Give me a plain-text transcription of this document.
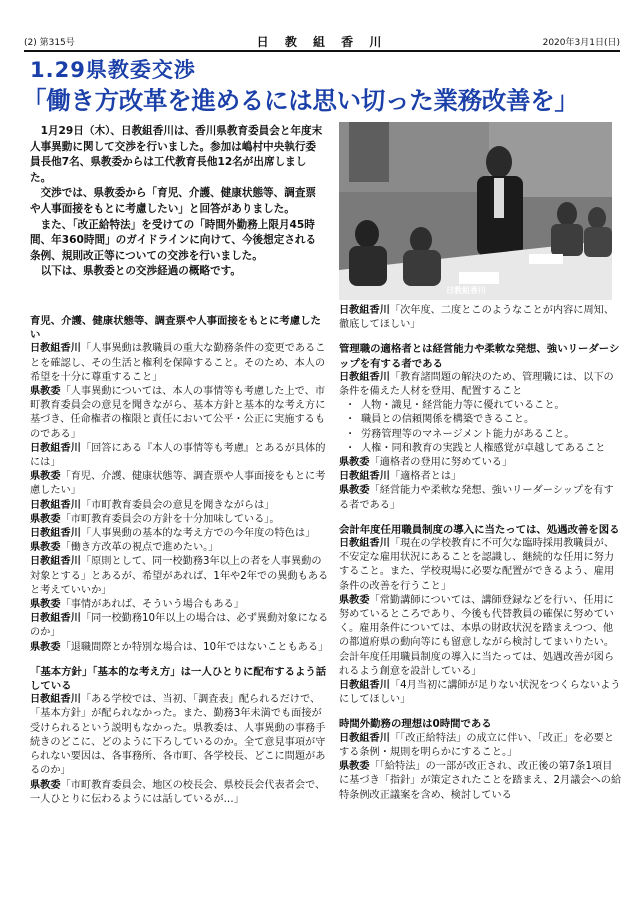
(2) 第315号	日 教 組 香 川	2020年3月1日(日)
1.29県教委交渉
「働き方改革を進めるには思い切った業務改善を」

1月29日（木）、日教組香川は、香川県教育委員会と年度末人事異動に関して交渉を行いました。参加は嶋村中央執行委員長他7名、県教委からは工代教育長他12名が出席しました。

交渉では、県教委から「育児、介護、健康状態等、調査票や人事面接をもとに考慮したい」と回答がありました。

また、「改正給特法」を受けての「時間外勤務上限月45時間、年360時間」のガイドラインに向けて、今後想定される条例、規則改正等についての交渉を行いました。

以下は、県教委との交渉経過の概略です。

日教組香川

育児、介護、健康状態等、調査票や人事面接をもとに考慮したい

日教組香川「人事異動は教職員の重大な勤務条件の変更であることを確認し、その生活と権利を保障すること。そのため、本人の希望を十分に尊重すること」

県教委「人事異動については、本人の事情等も考慮した上で、市町教育委員会の意見を聞きながら、基本方針と基本的な考え方に基づき、任命権者の権限と責任において公平・公正に実施するものである」

日教組香川「回答にある『本人の事情等も考慮』とあるが具体的には」

県教委「育児、介護、健康状態等、調査票や人事面接をもとに考慮したい」

日教組香川「市町教育委員会の意見を聞きながらは」

県教委「市町教育委員会の方針を十分加味している」。

日教組香川「人事異動の基本的な考え方での今年度の特色は」

県教委「働き方改革の視点で進めたい。」

日教組香川「原則として、同一校勤務3年以上の者を人事異動の対象とする」とあるが、希望があれば、1年や2年での異動もあると考えていいか」

県教委「事情があれば、そういう場合もある」

日教組香川「同一校勤務10年以上の場合は、必ず異動対象になるのか」

県教委「退職間際とか特別な場合は、10年ではないこともある」

「基本方針」「基本的な考え方」は一人ひとりに配布するよう話している

日教組香川「ある学校では、当初、「調査表」配られるだけで、「基本方針」が配られなかった。また、勤務3年未満でも面接が受けられるという説明もなかった。県教委は、人事異動の事務手続きのどこに、どのように下ろしているのか。全て意見事項が守られない要因は、各事務所、各市町、各学校長、どこに問題があるのか」

県教委「市町教育委員会、地区の校長会、県校長会代表者会で、一人ひとりに伝わるようには話しているが…」

日教組香川「次年度、二度とこのようなことが内容に周知、徹底してほしい」

管理職の適格者とは経営能力や柔軟な発想、強いリーダーシップを有する者である

日教組香川「教育諸問題の解決のため、管理職には、以下の条件を備えた人材を登用、配置すること

・ 人物・識見・経営能力等に優れていること。
・ 職員との信頼関係を構築できること。
・ 労務管理等のマネージメント能力があること。
・ 人権・同和教育の実践と人権感覚が卓越してあること

県教委「適格者の登用に努めている」

日教組香川「適格者とは」

県教委「経営能力や柔軟な発想、強いリーダーシップを有する者である」

会計年度任用職員制度の導入に当たっては、処遇改善を図る

日教組香川「現在の学校教育に不可欠な臨時採用教職員が、不安定な雇用状況にあることを認識し、継続的な任用に努力すること。また、学校現場に必要な配置ができるよう、雇用条件の改善を行うこと」

県教委「常勤講師については、講師登録などを行い、任用に努めているところであり、今後も代替教員の確保に努めていく。雇用条件については、本県の財政状況を踏まえつつ、他の都道府県の動向等にも留意しながら検討してまいりたい。会計年度任用職員制度の導入に当たっては、処遇改善が図られるよう創意を設計している」

日教組香川「4月当初に講師が足りない状況をつくらないようにしてほしい」

時間外勤務の理想は0時間である

日教組香川「「改正給特法」の成立に伴い、「改正」を必要とする条例・規則を明らかにすること。」

県教委「「給特法」の一部が改正され、改正後の第7条1項目に基づき「指針」が策定されたことを踏まえ、2月議会への給特条例改正議案を含め、検討している
